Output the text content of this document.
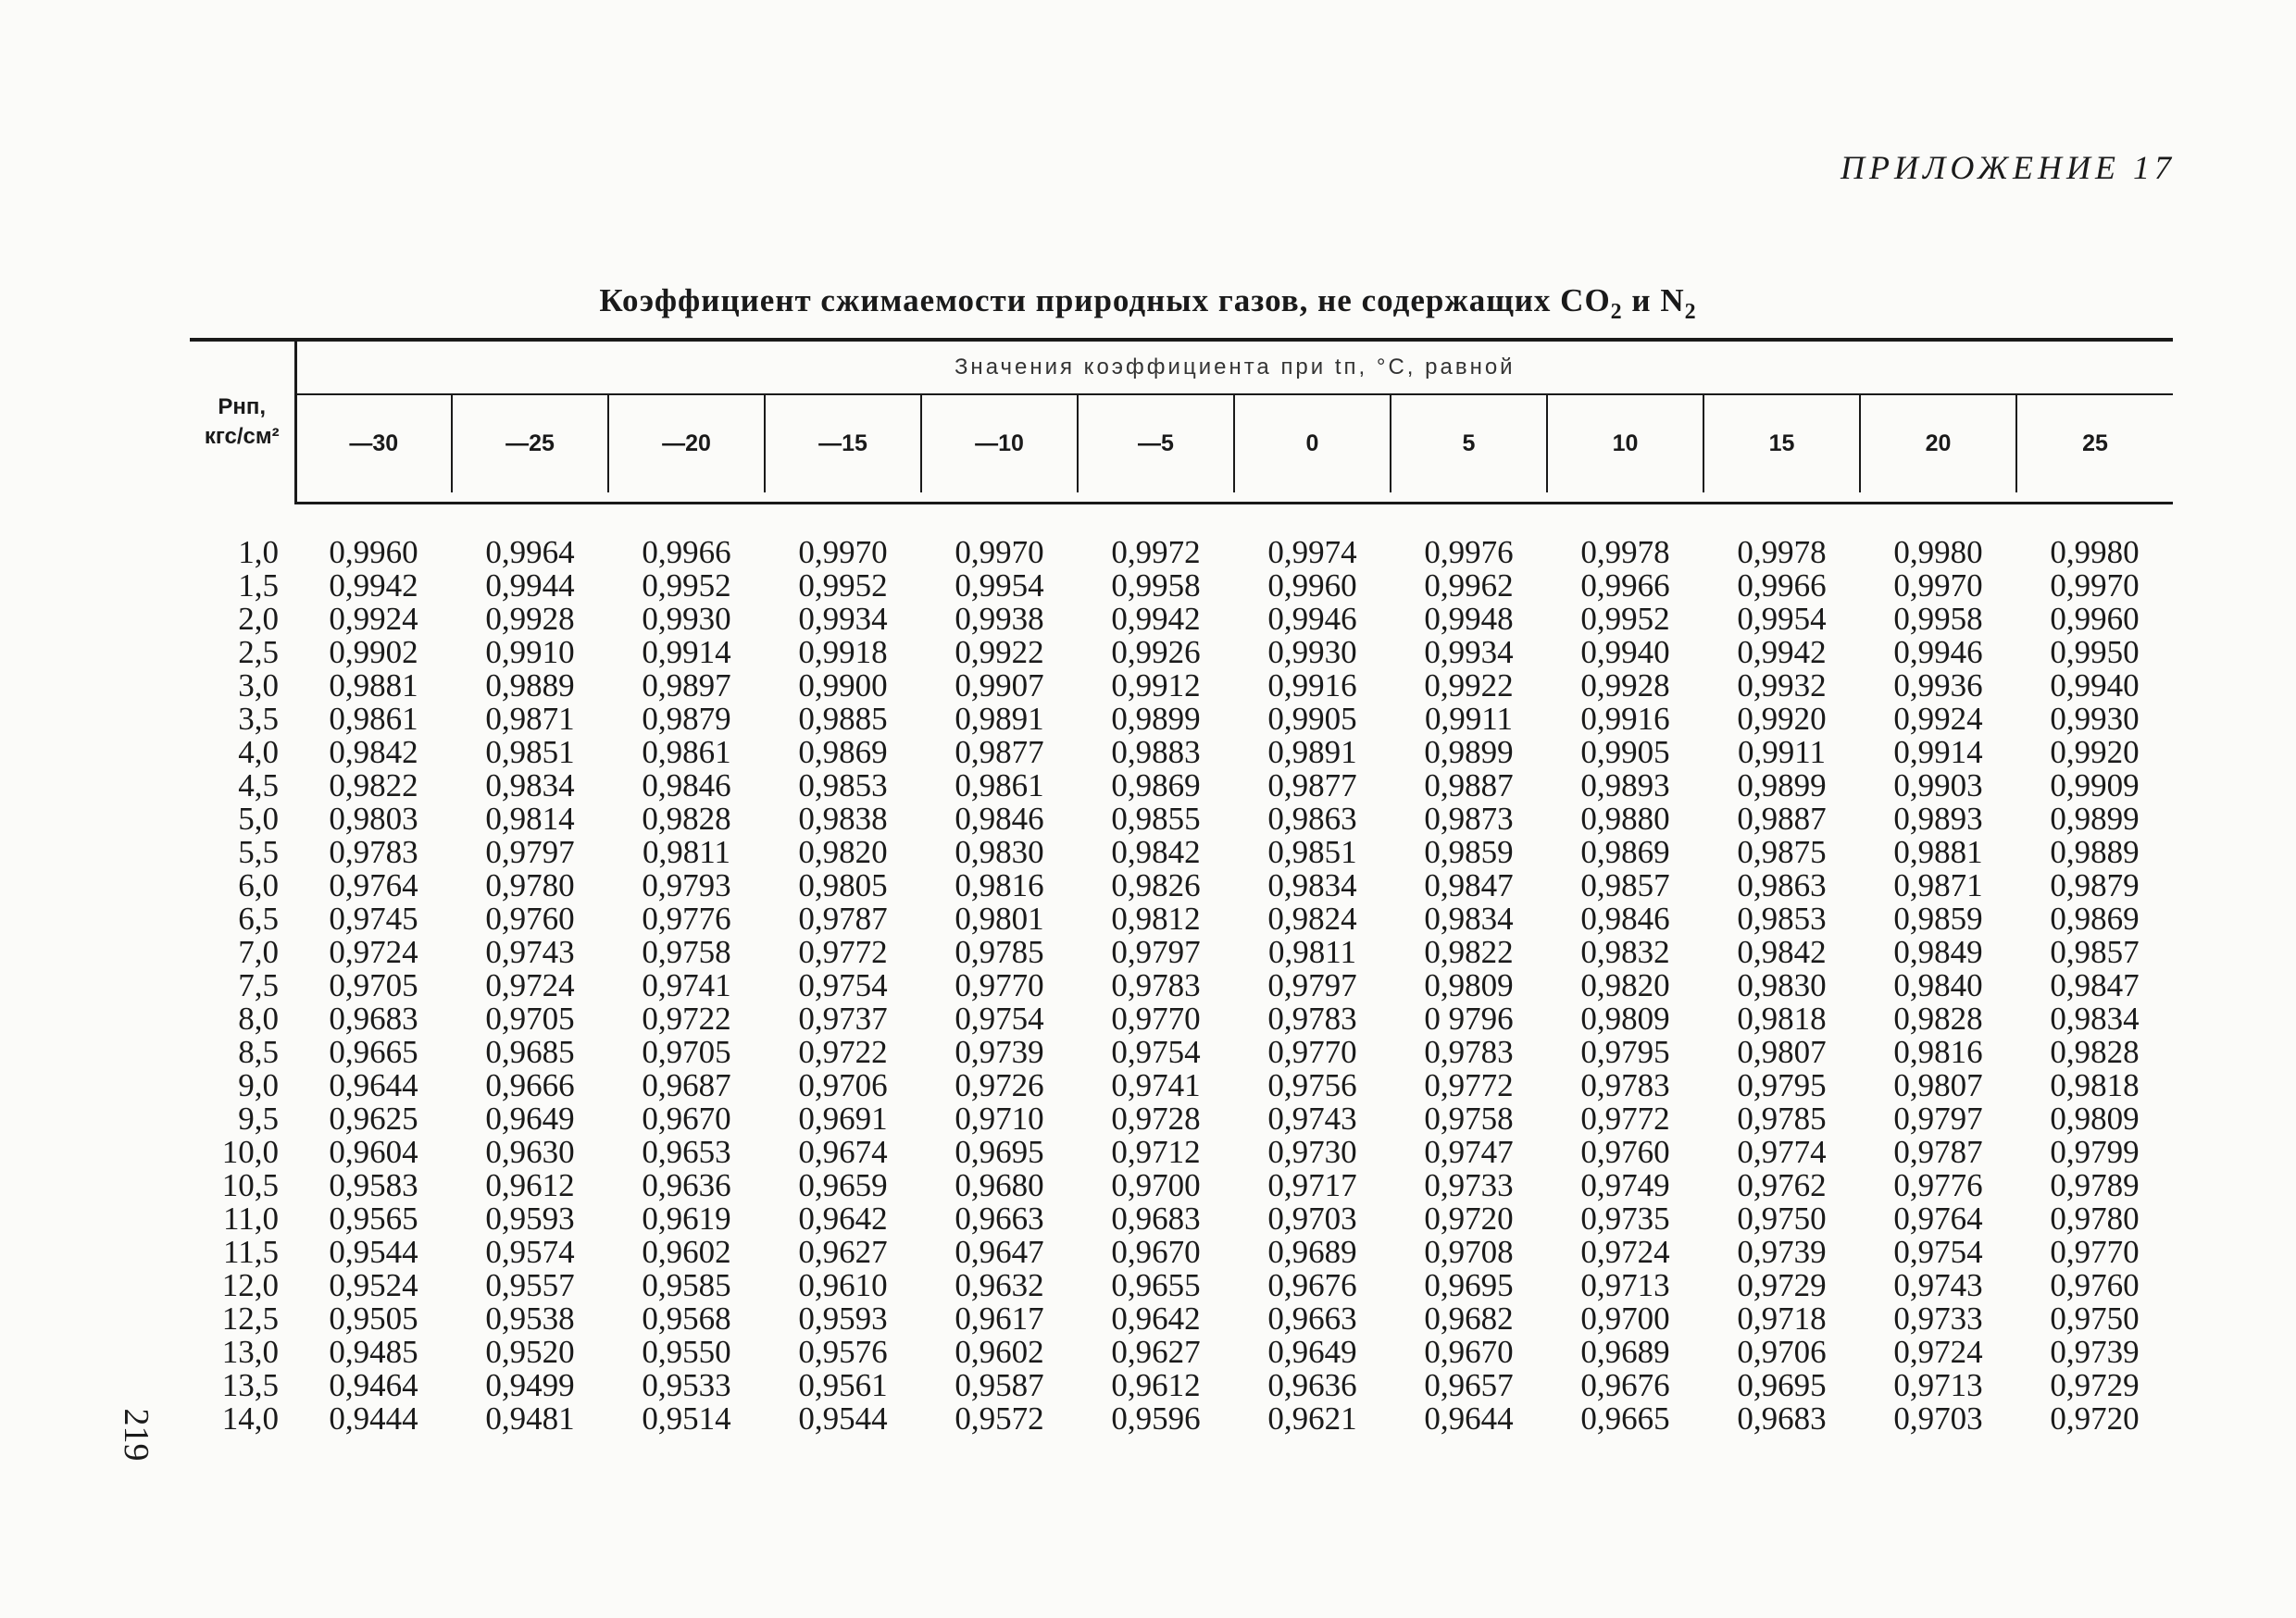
ПРИЛОЖЕНИЕ 17
Коэффициент сжимаемости природных газов, не содержащих $СО_2$ и $N_2$
219
Pнп,
кгс/см²	Значения коэффициента при tп, °С, равной											
	—30	—25	—20	—15	—10	—5	0	5	10	15	20	25

1,0	0,9960	0,9964	0,9966	0,9970	0,9970	0,9972	0,9974	0,9976	0,9978	0,9978	0,9980	0,9980
1,5	0,9942	0,9944	0,9952	0,9952	0,9954	0,9958	0,9960	0,9962	0,9966	0,9966	0,9970	0,9970
2,0	0,9924	0,9928	0,9930	0,9934	0,9938	0,9942	0,9946	0,9948	0,9952	0,9954	0,9958	0,9960
2,5	0,9902	0,9910	0,9914	0,9918	0,9922	0,9926	0,9930	0,9934	0,9940	0,9942	0,9946	0,9950
3,0	0,9881	0,9889	0,9897	0,9900	0,9907	0,9912	0,9916	0,9922	0,9928	0,9932	0,9936	0,9940
3,5	0,9861	0,9871	0,9879	0,9885	0,9891	0,9899	0,9905	0,9911	0,9916	0,9920	0,9924	0,9930
4,0	0,9842	0,9851	0,9861	0,9869	0,9877	0,9883	0,9891	0,9899	0,9905	0,9911	0,9914	0,9920
4,5	0,9822	0,9834	0,9846	0,9853	0,9861	0,9869	0,9877	0,9887	0,9893	0,9899	0,9903	0,9909
5,0	0,9803	0,9814	0,9828	0,9838	0,9846	0,9855	0,9863	0,9873	0,9880	0,9887	0,9893	0,9899
5,5	0,9783	0,9797	0,9811	0,9820	0,9830	0,9842	0,9851	0,9859	0,9869	0,9875	0,9881	0,9889
6,0	0,9764	0,9780	0,9793	0,9805	0,9816	0,9826	0,9834	0,9847	0,9857	0,9863	0,9871	0,9879
6,5	0,9745	0,9760	0,9776	0,9787	0,9801	0,9812	0,9824	0,9834	0,9846	0,9853	0,9859	0,9869
7,0	0,9724	0,9743	0,9758	0,9772	0,9785	0,9797	0,9811	0,9822	0,9832	0,9842	0,9849	0,9857
7,5	0,9705	0,9724	0,9741	0,9754	0,9770	0,9783	0,9797	0,9809	0,9820	0,9830	0,9840	0,9847
8,0	0,9683	0,9705	0,9722	0,9737	0,9754	0,9770	0,9783	0 9796	0,9809	0,9818	0,9828	0,9834
8,5	0,9665	0,9685	0,9705	0,9722	0,9739	0,9754	0,9770	0,9783	0,9795	0,9807	0,9816	0,9828
9,0	0,9644	0,9666	0,9687	0,9706	0,9726	0,9741	0,9756	0,9772	0,9783	0,9795	0,9807	0,9818
9,5	0,9625	0,9649	0,9670	0,9691	0,9710	0,9728	0,9743	0,9758	0,9772	0,9785	0,9797	0,9809
10,0	0,9604	0,9630	0,9653	0,9674	0,9695	0,9712	0,9730	0,9747	0,9760	0,9774	0,9787	0,9799
10,5	0,9583	0,9612	0,9636	0,9659	0,9680	0,9700	0,9717	0,9733	0,9749	0,9762	0,9776	0,9789
11,0	0,9565	0,9593	0,9619	0,9642	0,9663	0,9683	0,9703	0,9720	0,9735	0,9750	0,9764	0,9780
11,5	0,9544	0,9574	0,9602	0,9627	0,9647	0,9670	0,9689	0,9708	0,9724	0,9739	0,9754	0,9770
12,0	0,9524	0,9557	0,9585	0,9610	0,9632	0,9655	0,9676	0,9695	0,9713	0,9729	0,9743	0,9760
12,5	0,9505	0,9538	0,9568	0,9593	0,9617	0,9642	0,9663	0,9682	0,9700	0,9718	0,9733	0,9750
13,0	0,9485	0,9520	0,9550	0,9576	0,9602	0,9627	0,9649	0,9670	0,9689	0,9706	0,9724	0,9739
13,5	0,9464	0,9499	0,9533	0,9561	0,9587	0,9612	0,9636	0,9657	0,9676	0,9695	0,9713	0,9729
14,0	0,9444	0,9481	0,9514	0,9544	0,9572	0,9596	0,9621	0,9644	0,9665	0,9683	0,9703	0,9720
